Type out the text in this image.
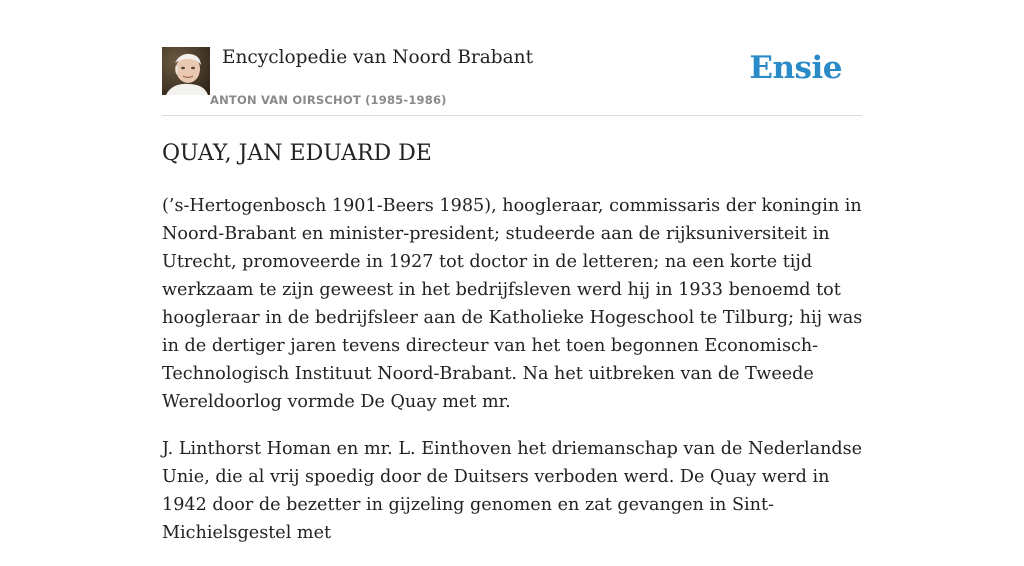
Encyclopedie van Noord Brabant
ANTON VAN OIRSCHOT (1985-1986)
Ensie
QUAY, JAN EDUARD DE

(’s-Hertogenbosch 1901-Beers 1985), hoogleraar, commissaris der koningin in Noord-Brabant en minister-president; studeerde aan de rijksuniversiteit in Utrecht, promoveerde in 1927 tot doctor in de letteren; na een korte tijd werkzaam te zijn geweest in het bedrijfsleven werd hij in 1933 benoemd tot hoogleraar in de bedrijfsleer aan de Katholieke Hogeschool te Tilburg; hij was in de dertiger jaren tevens directeur van het toen begonnen Economisch-Technologisch Instituut Noord-Brabant. Na het uitbreken van de Tweede Wereldoorlog vormde De Quay met mr.

J. Linthorst Homan en mr. L. Einthoven het driemanschap van de Nederlandse Unie, die al vrij spoedig door de Duitsers verboden werd. De Quay werd in 1942 door de bezetter in gijzeling genomen en zat gevangen in Sint-Michielsgestel met
